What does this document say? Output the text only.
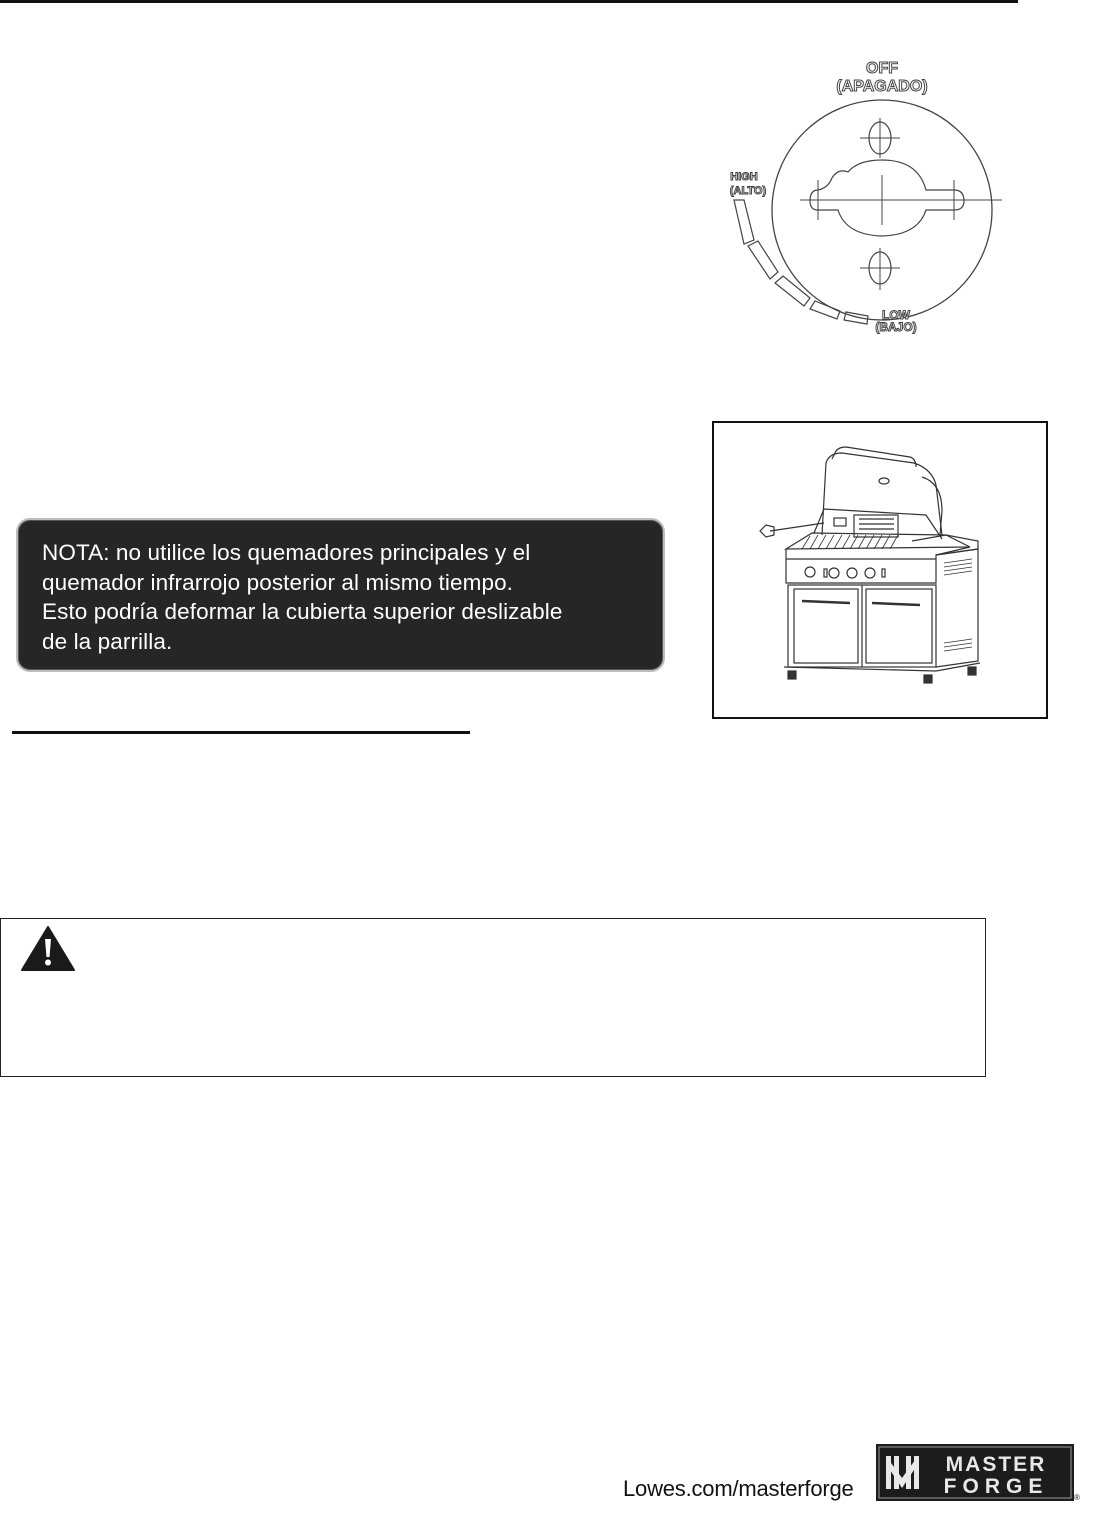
OFF
(APAGADO)
HIGH
(ALTO)
LOW
(BAJO)
NOTA: no utilice los quemadores principales y el
quemador infrarrojo posterior al mismo tiempo.
Esto podría deformar la cubierta superior deslizable
de la parrilla.
Lowes.com/masterforge
MASTER
FORGE	®
